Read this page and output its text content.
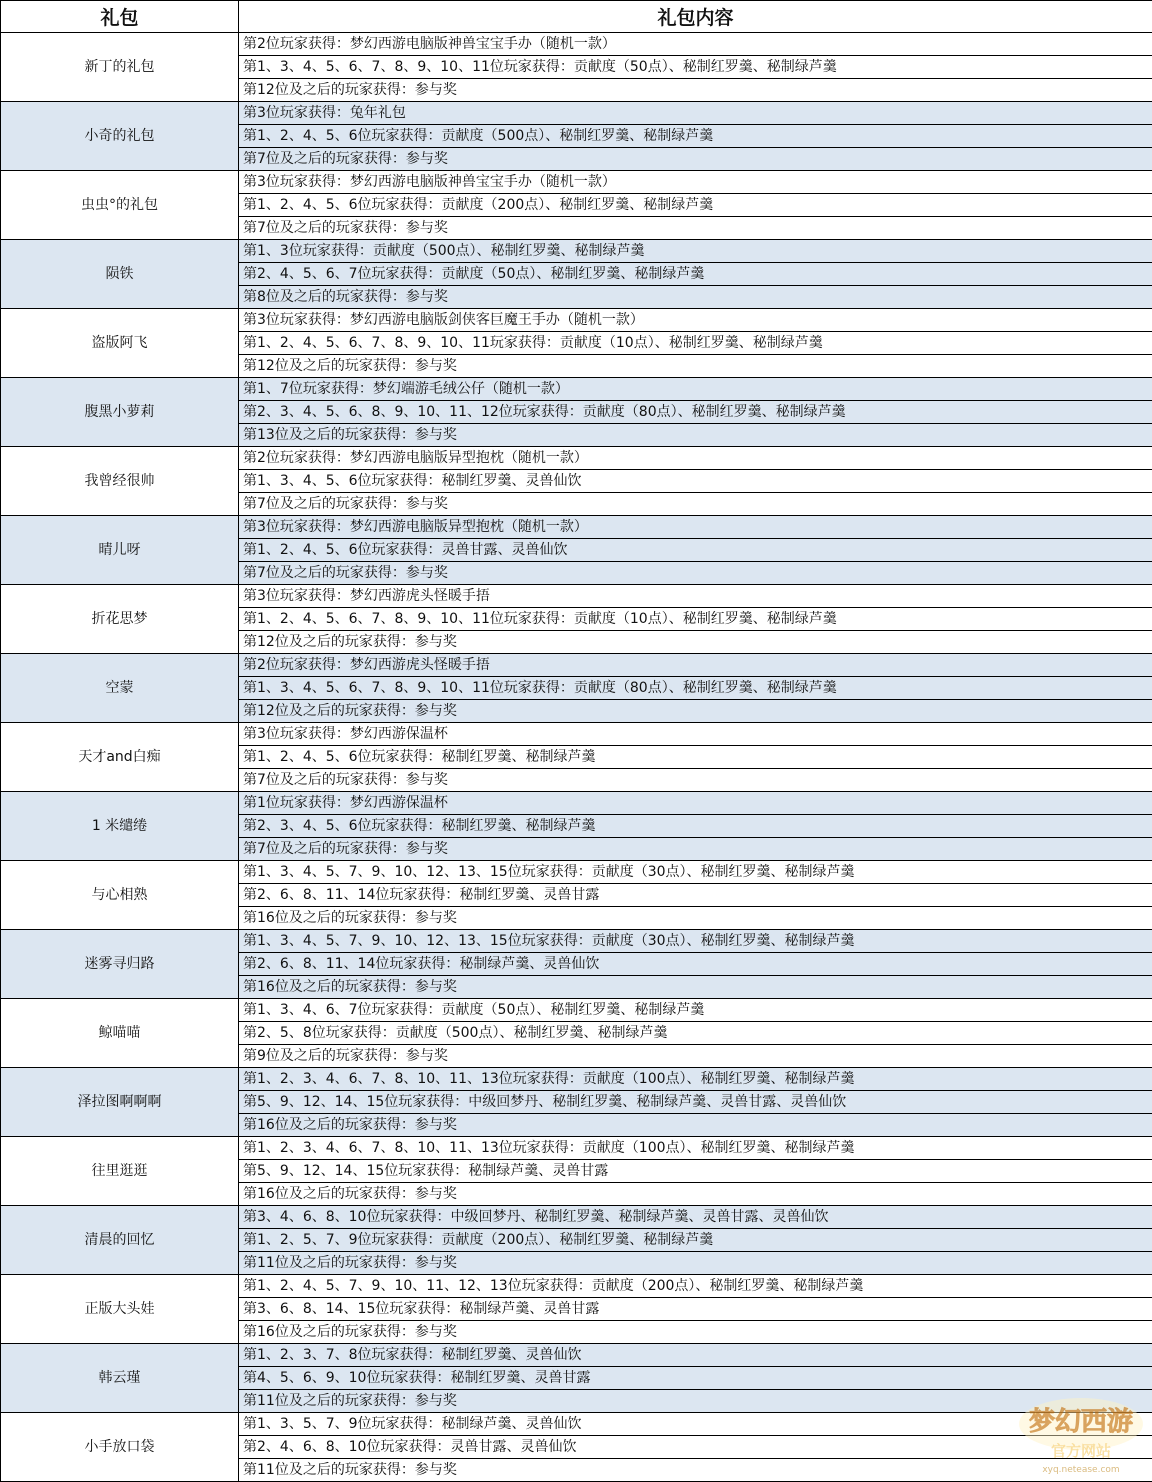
礼包	礼包内容
新丁的礼包	第2位玩家获得：梦幻西游电脑版神兽宝宝手办（随机一款）
	第1、3、4、5、6、7、8、9、10、11位玩家获得：贡献度（50点）、秘制红罗羹、秘制绿芦羹
	第12位及之后的玩家获得：参与奖
小奇的礼包	第3位玩家获得：兔年礼包
	第1、2、4、5、6位玩家获得：贡献度（500点）、秘制红罗羹、秘制绿芦羹
	第7位及之后的玩家获得：参与奖
虫虫°的礼包	第3位玩家获得：梦幻西游电脑版神兽宝宝手办（随机一款）
	第1、2、4、5、6位玩家获得：贡献度（200点）、秘制红罗羹、秘制绿芦羹
	第7位及之后的玩家获得：参与奖
陨铁	第1、3位玩家获得：贡献度（500点）、秘制红罗羹、秘制绿芦羹
	第2、4、5、6、7位玩家获得：贡献度（50点）、秘制红罗羹、秘制绿芦羹
	第8位及之后的玩家获得：参与奖
盗版阿飞	第3位玩家获得：梦幻西游电脑版剑侠客巨魔王手办（随机一款）
	第1、2、4、5、6、7、8、9、10、11玩家获得：贡献度（10点）、秘制红罗羹、秘制绿芦羹
	第12位及之后的玩家获得：参与奖
腹黑小萝莉	第1、7位玩家获得：梦幻端游毛绒公仔（随机一款）
	第2、3、4、5、6、8、9、10、11、12位玩家获得：贡献度（80点）、秘制红罗羹、秘制绿芦羹
	第13位及之后的玩家获得：参与奖
我曾经很帅	第2位玩家获得：梦幻西游电脑版异型抱枕（随机一款）
	第1、3、4、5、6位玩家获得：秘制红罗羹、灵兽仙饮
	第7位及之后的玩家获得：参与奖
晴儿呀	第3位玩家获得：梦幻西游电脑版异型抱枕（随机一款）
	第1、2、4、5、6位玩家获得：灵兽甘露、灵兽仙饮
	第7位及之后的玩家获得：参与奖
折花思梦	第3位玩家获得：梦幻西游虎头怪暖手捂
	第1、2、4、5、6、7、8、9、10、11位玩家获得：贡献度（10点）、秘制红罗羹、秘制绿芦羹
	第12位及之后的玩家获得：参与奖
空蒙	第2位玩家获得：梦幻西游虎头怪暖手捂
	第1、3、4、5、6、7、8、9、10、11位玩家获得：贡献度（80点）、秘制红罗羹、秘制绿芦羹
	第12位及之后的玩家获得：参与奖
天才and白痴	第3位玩家获得：梦幻西游保温杯
	第1、2、4、5、6位玩家获得：秘制红罗羹、秘制绿芦羹
	第7位及之后的玩家获得：参与奖
1 米缱绻	第1位玩家获得：梦幻西游保温杯
	第2、3、4、5、6位玩家获得：秘制红罗羹、秘制绿芦羹
	第7位及之后的玩家获得：参与奖
与心相熟	第1、3、4、5、7、9、10、12、13、15位玩家获得：贡献度（30点）、秘制红罗羹、秘制绿芦羹
	第2、6、8、11、14位玩家获得：秘制红罗羹、灵兽甘露
	第16位及之后的玩家获得：参与奖
迷雾寻归路	第1、3、4、5、7、9、10、12、13、15位玩家获得：贡献度（30点）、秘制红罗羹、秘制绿芦羹
	第2、6、8、11、14位玩家获得：秘制绿芦羹、灵兽仙饮
	第16位及之后的玩家获得：参与奖
鲸喵喵	第1、3、4、6、7位玩家获得：贡献度（50点）、秘制红罗羹、秘制绿芦羹
	第2、5、8位玩家获得：贡献度（500点）、秘制红罗羹、秘制绿芦羹
	第9位及之后的玩家获得：参与奖
泽拉图啊啊啊	第1、2、3、4、6、7、8、10、11、13位玩家获得：贡献度（100点）、秘制红罗羹、秘制绿芦羹
	第5、9、12、14、15位玩家获得：中级回梦丹、秘制红罗羹、秘制绿芦羹、灵兽甘露、灵兽仙饮
	第16位及之后的玩家获得：参与奖
往里逛逛	第1、2、3、4、6、7、8、10、11、13位玩家获得：贡献度（100点）、秘制红罗羹、秘制绿芦羹
	第5、9、12、14、15位玩家获得：秘制绿芦羹、灵兽甘露
	第16位及之后的玩家获得：参与奖
清晨的回忆	第3、4、6、8、10位玩家获得：中级回梦丹、秘制红罗羹、秘制绿芦羹、灵兽甘露、灵兽仙饮
	第1、2、5、7、9位玩家获得：贡献度（200点）、秘制红罗羹、秘制绿芦羹
	第11位及之后的玩家获得：参与奖
正版大头娃	第1、2、4、5、7、9、10、11、12、13位玩家获得：贡献度（200点）、秘制红罗羹、秘制绿芦羹
	第3、6、8、14、15位玩家获得：秘制绿芦羹、灵兽甘露
	第16位及之后的玩家获得：参与奖
韩云瑾	第1、2、3、7、8位玩家获得：秘制红罗羹、灵兽仙饮
	第4、5、6、9、10位玩家获得：秘制红罗羹、灵兽甘露
	第11位及之后的玩家获得：参与奖
小手放口袋	第1、3、5、7、9位玩家获得：秘制绿芦羹、灵兽仙饮
	第2、4、6、8、10位玩家获得：灵兽甘露、灵兽仙饮
	第11位及之后的玩家获得：参与奖
梦幻西游
官方网站
xyq.netease.com
